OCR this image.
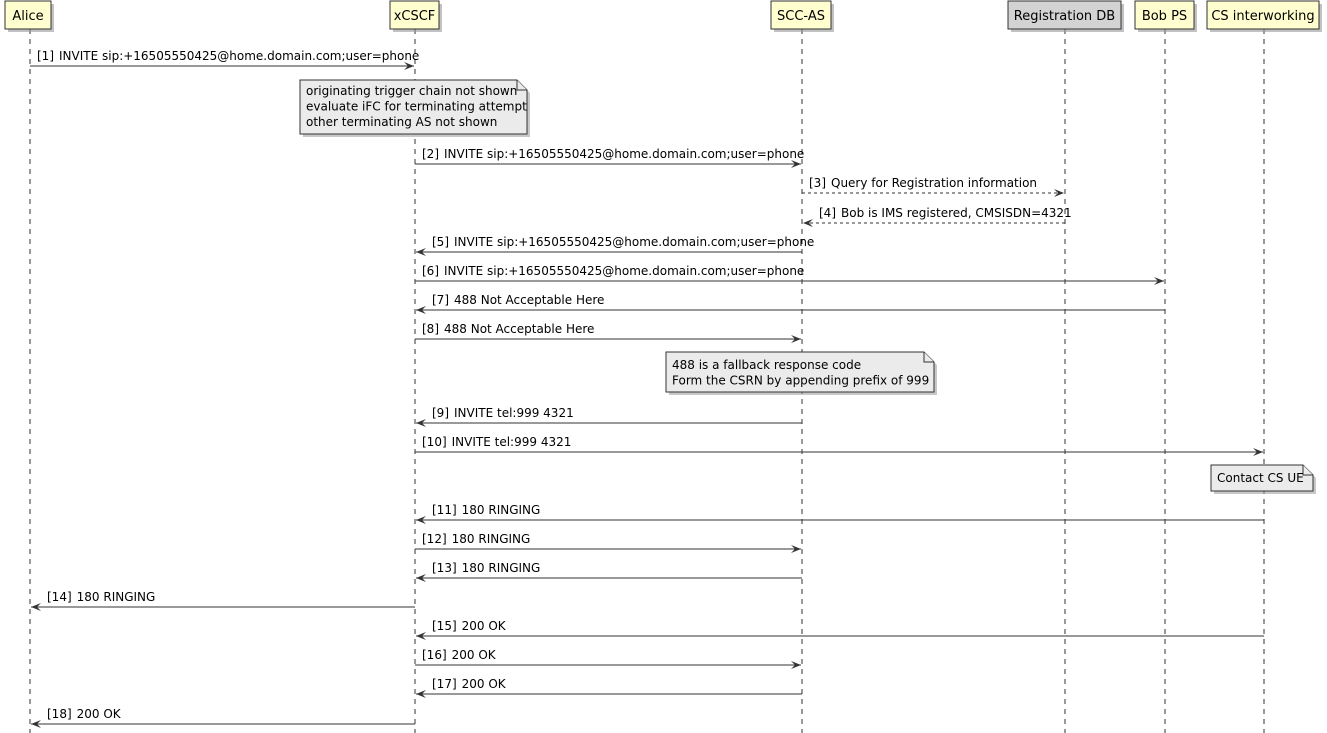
Alice	xCSCF	SCC-AS	Registration DB Bob PS CS interworking
[1] INVITE sip:+16505550425@home.domain.com;user=phone
[2] INVITE sip:+16505550425@home.domain.com;user=phone
[3] Query for Registration information
[4] Bob is IMS registered, CMSISDN=4321
[5] INVITE sip:+16505550425@home.domain.com;user=phone
[6] INVITE sip:+16505550425@home.domain.com;user=phone
[7] 488 Not Acceptable Here
[8] 488 Not Acceptable Here
[9] INVITE tel:999 4321
[10] INVITE tel:999 4321
[11] 180 RINGING
[12] 180 RINGING
[13] 180 RINGING
[14] 180 RINGING
[15] 200 OK
[16] 200 OK
[17] 200 OK
[18] 200 OK
originating trigger chain not shown
evaluate iFC for terminating attempt
other terminating AS not shown
488 is a fallback response code
Form the CSRN by appending prefix of 999
Contact CS UE
